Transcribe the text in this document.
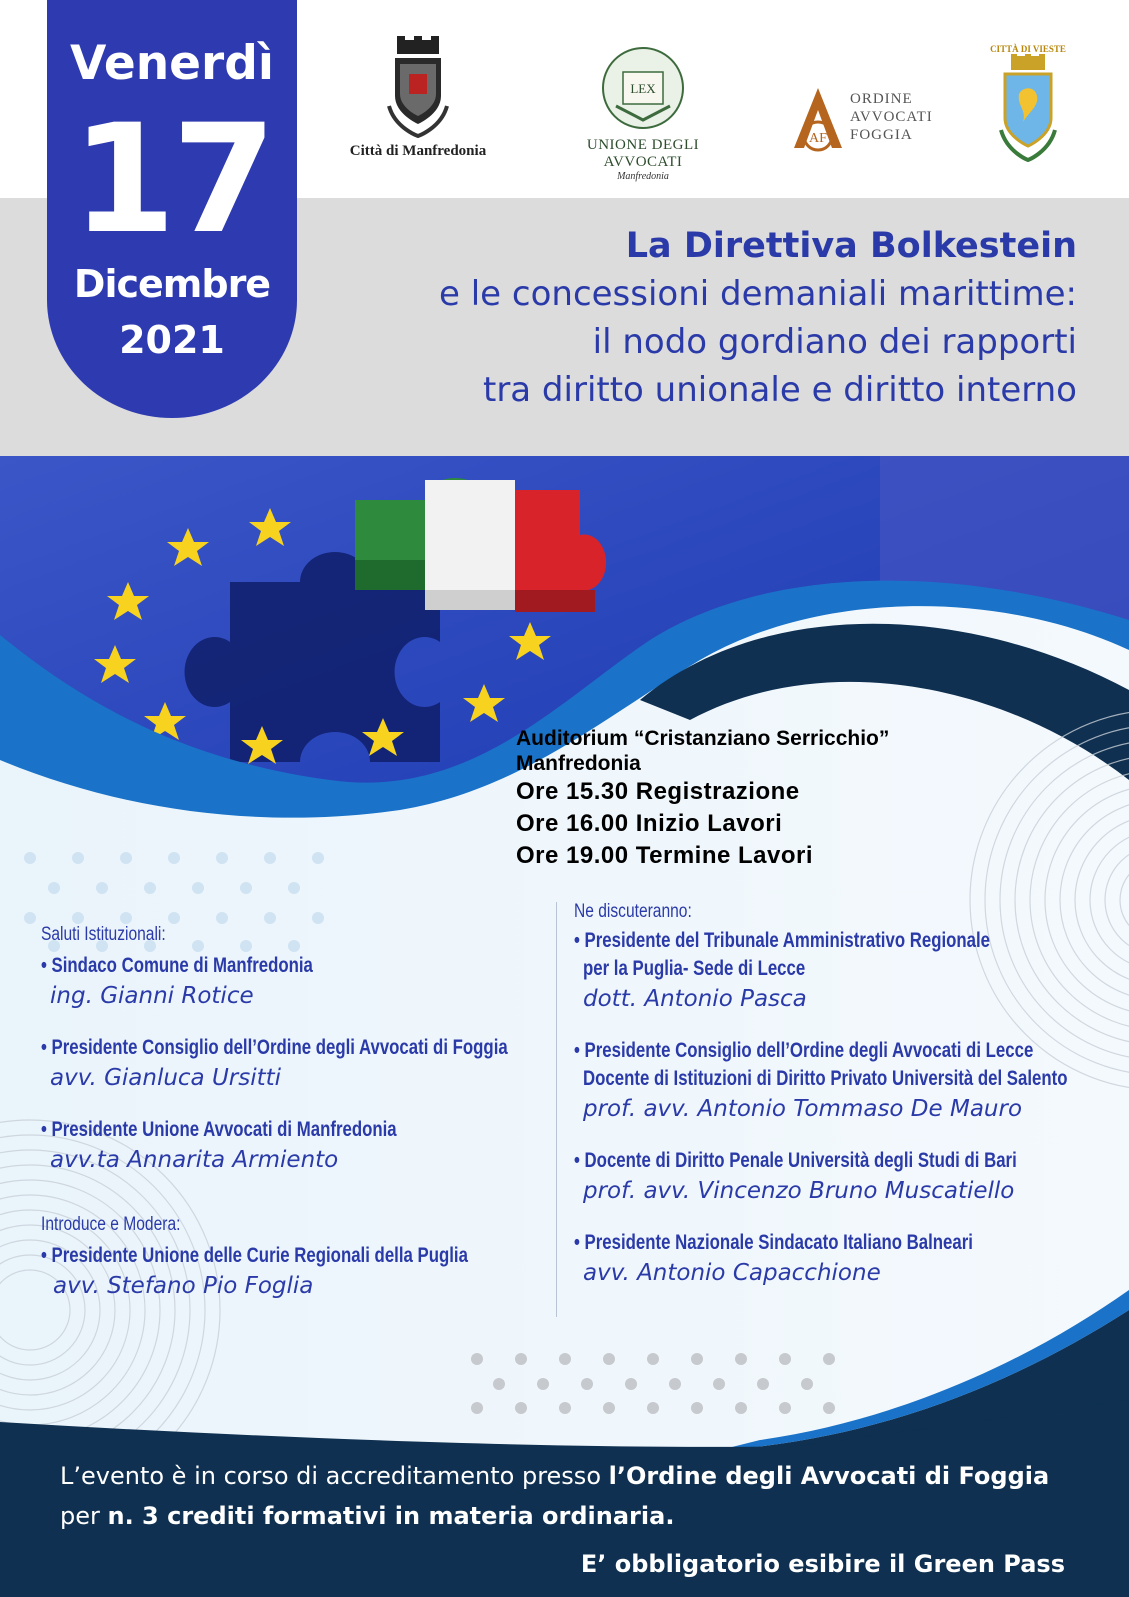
Venerdì
17
Dicembre
2021
Città di Manfredonia
LEX
UNIONE DEGLI AVVOCATI
Manfredonia
AF
ORDINE
AVVOCATI
FOGGIA
CITTÀ DI VIESTE
La Direttiva Bolkestein
e le concessioni demaniali marittime:
il nodo gordiano dei rapporti
tra diritto unionale e diritto interno
Auditorium “Cristanziano Serricchio”
Manfredonia
Ore 15.30 Registrazione
Ore 16.00 Inizio Lavori
Ore 19.00 Termine Lavori
Saluti Istituzionali:
• Sindaco Comune di Manfredonia
ing. Gianni Rotice
• Presidente Consiglio dell’Ordine degli Avvocati di Foggia
avv. Gianluca Ursitti
• Presidente Unione Avvocati di Manfredonia
avv.ta Annarita Armiento
Introduce e Modera:
• Presidente Unione delle Curie Regionali della Puglia
avv. Stefano Pio Foglia
Ne discuteranno:
• Presidente del Tribunale Amministrativo Regionale
per la Puglia- Sede di Lecce
dott. Antonio Pasca
• Presidente Consiglio dell’Ordine degli Avvocati di Lecce
Docente di Istituzioni di Diritto Privato Università del Salento
prof. avv. Antonio Tommaso De Mauro
• Docente di Diritto Penale Università degli Studi di Bari
prof. avv. Vincenzo Bruno Muscatiello
• Presidente Nazionale Sindacato Italiano Balneari
avv. Antonio Capacchione
L’evento è in corso di accreditamento presso l’Ordine degli Avvocati di Foggia
per n. 3 crediti formativi in materia ordinaria.
E’ obbligatorio esibire il Green Pass
